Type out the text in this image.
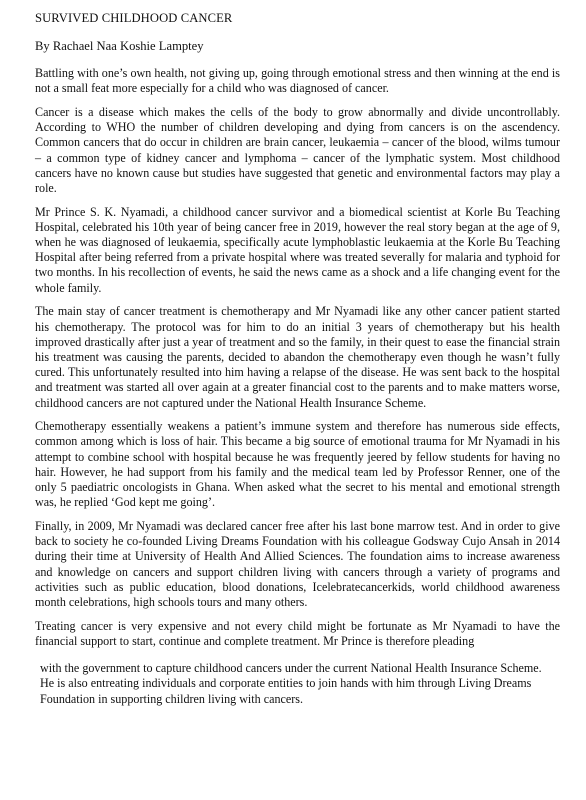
SURVIVED CHILDHOOD CANCER
By Rachael Naa Koshie Lamptey

Battling with one’s own health, not giving up, going through emotional stress and then winning at the end is not a small feat more especially for a child who was diagnosed of cancer.

Cancer is a disease which makes the cells of the body to grow abnormally and divide uncontrollably. According to WHO the number of children developing and dying from cancers is on the ascendency. Common cancers that do occur in children are brain cancer, leukaemia – cancer of the blood, wilms tumour – a common type of kidney cancer and lymphoma – cancer of the lymphatic system. Most childhood cancers have no known cause but studies have suggested that genetic and environmental factors may play a role.

Mr Prince S. K. Nyamadi, a childhood cancer survivor and a biomedical scientist at Korle Bu Teaching Hospital, celebrated his 10th year of being cancer free in 2019, however the real story began at the age of 9, when he was diagnosed of leukaemia, specifically acute lymphoblastic leukaemia at the Korle Bu Teaching Hospital after being referred from a private hospital where was treated severally for malaria and typhoid for two months. In his recollection of events, he said the news came as a shock and a life changing event for the whole family.

The main stay of cancer treatment is chemotherapy and Mr Nyamadi like any other cancer patient started his chemotherapy. The protocol was for him to do an initial 3 years of chemotherapy but his health improved drastically after just a year of treatment and so the family, in their quest to ease the financial strain his treatment was causing the parents, decided to abandon the chemotherapy even though he wasn’t fully cured. This unfortunately resulted into him having a relapse of the disease. He was sent back to the hospital and treatment was started all over again at a greater financial cost to the parents and to make matters worse, childhood cancers are not captured under the National Health Insurance Scheme.

Chemotherapy essentially weakens a patient’s immune system and therefore has numerous side effects, common among which is loss of hair. This became a big source of emotional trauma for Mr Nyamadi in his attempt to combine school with hospital because he was frequently jeered by fellow students for having no hair. However, he had support from his family and the medical team led by Professor Renner, one of the only 5 paediatric oncologists in Ghana. When asked what the secret to his mental and emotional strength was, he replied ‘God kept me going’.

Finally, in 2009, Mr Nyamadi was declared cancer free after his last bone marrow test. And in order to give back to society he co-founded Living Dreams Foundation with his colleague Godsway Cujo Ansah in 2014 during their time at University of Health And Allied Sciences. The foundation aims to increase awareness and knowledge on cancers and support children living with cancers through a variety of programs and activities such as public education, blood donations, Icelebratecancerkids, world childhood awareness month celebrations, high schools tours and many others.

Treating cancer is very expensive and not every child might be fortunate as Mr Nyamadi to have the financial support to start, continue and complete treatment. Mr Prince is therefore pleading

with the government to capture childhood cancers under the current National Health Insurance Scheme. He is also entreating individuals and corporate entities to join hands with him through Living Dreams Foundation in supporting children living with cancers.
